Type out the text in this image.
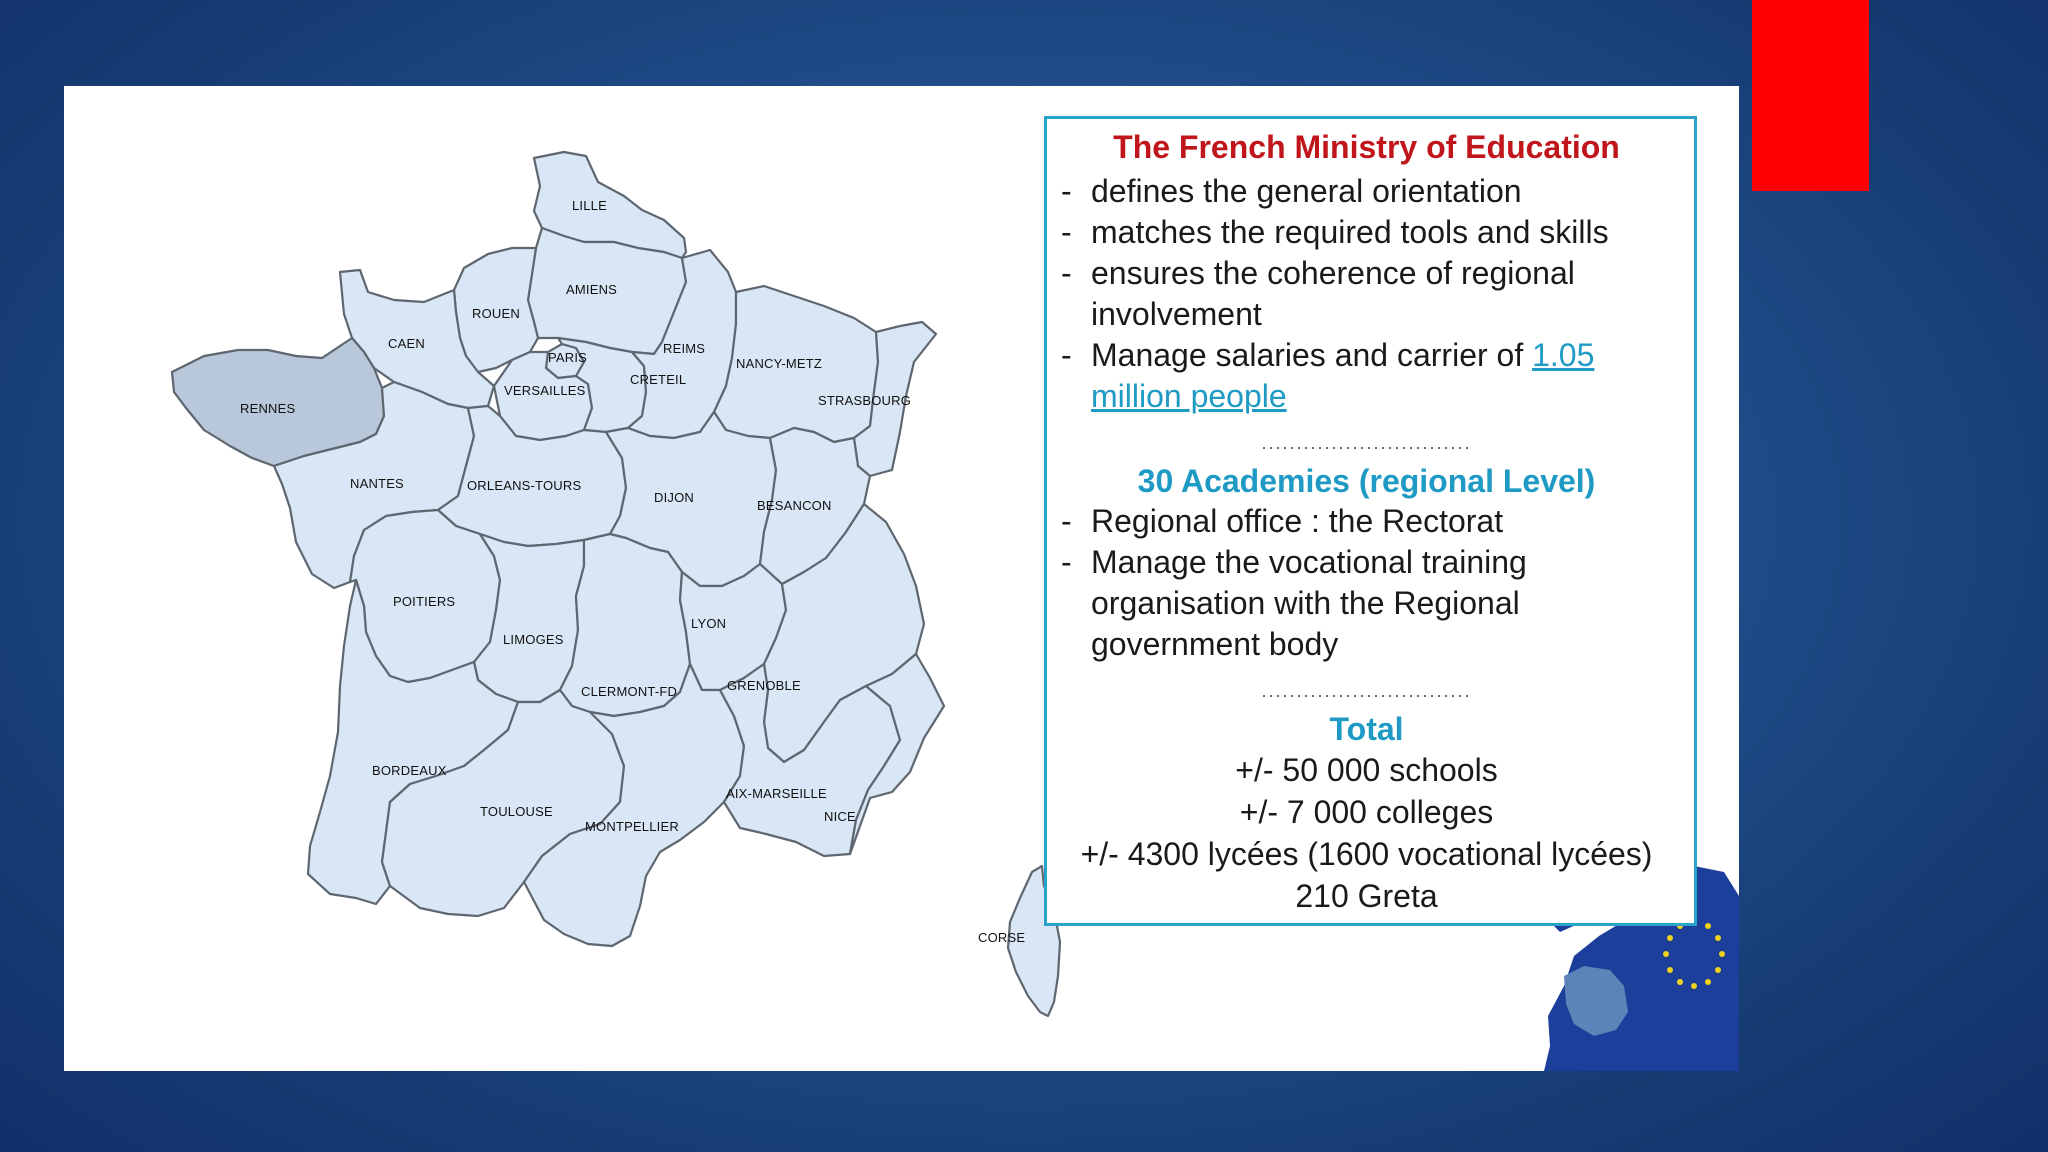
LILLE
AMIENS
ROUEN
CAEN
RENNES
PARIS
VERSAILLES
CRETEIL
REIMS
NANCY-METZ
STRASBOURG
NANTES	ORLEANS-TOURS
DIJON
BESANCON
POITIERS
LIMOGES
LYON
CLERMONT-FD	GRENOBLE
BORDEAUX
TOULOUSE
MONTPELLIER
AIX-MARSEILLE
NICE
CORSE
The French Ministry of Education
- defines the general orientation
- matches the required tools and skills
- ensures the coherence of regional involvement
- Manage salaries and carrier of 1.05 million people
..............................
30 Academies (regional Level)
- Regional office : the Rectorat
- Manage the vocational training organisation with the Regional government body
..............................
Total
+/- 50 000 schools
+/- 7 000 colleges
+/- 4300 lycées (1600 vocational lycées)
210 Greta
